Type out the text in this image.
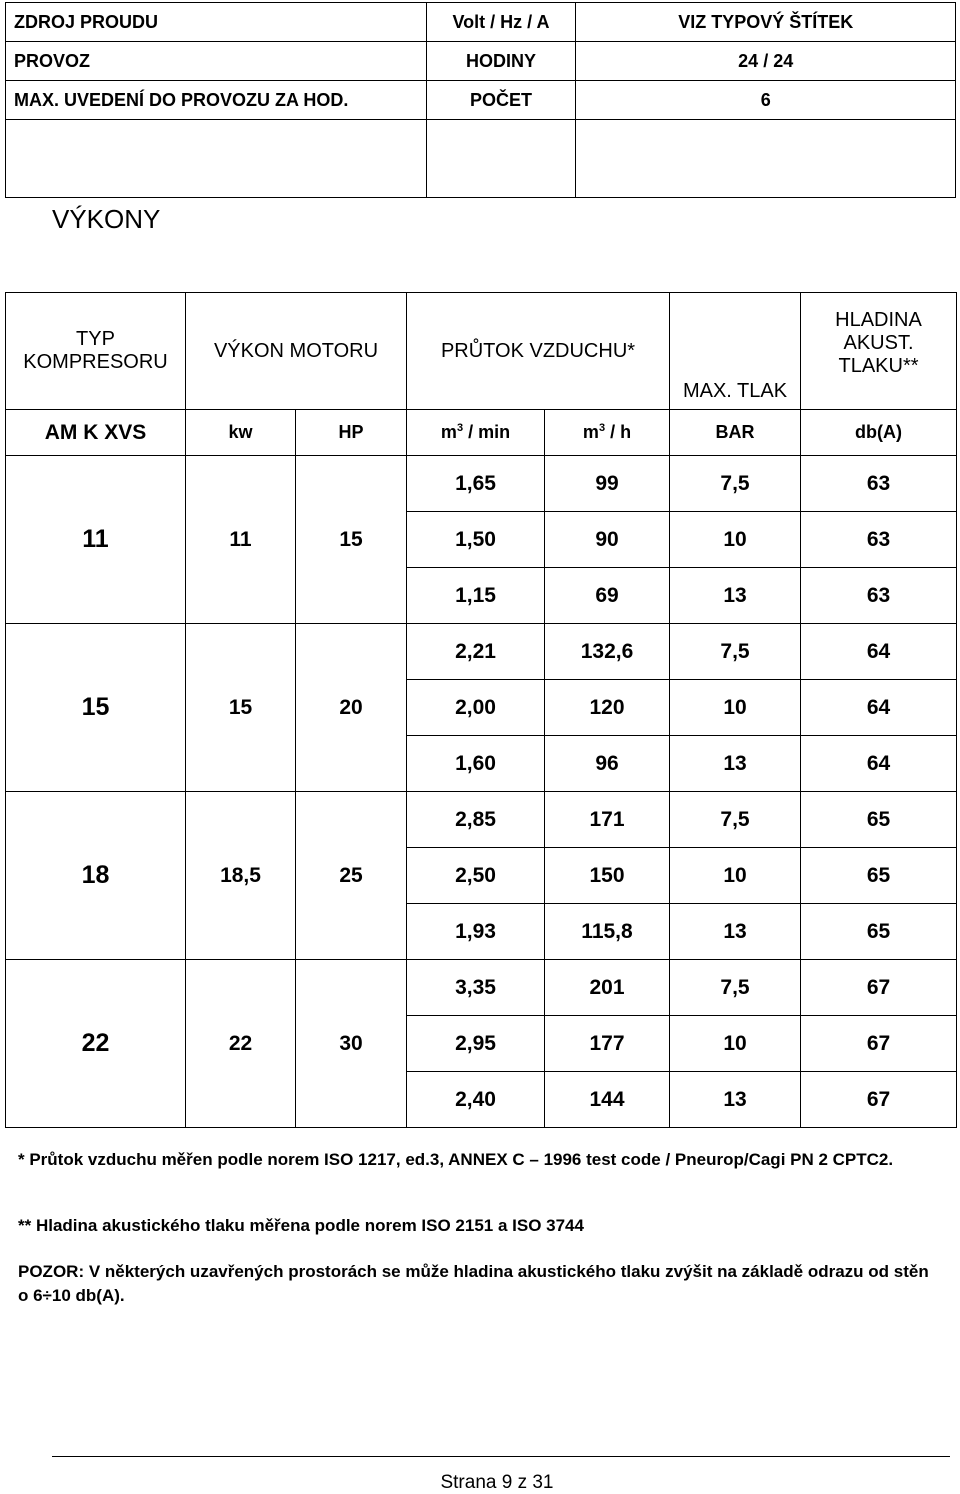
ZDROJ PROUDU	Volt / Hz / A	VIZ TYPOVÝ ŠTÍTEK
PROVOZ	HODINY	24 / 24
MAX. UVEDENÍ DO PROVOZU ZA HOD.	POČET	6

VÝKONY
TYP KOMPRESORU	VÝKON MOTORU		PRŮTOK VZDUCHU*		MAX. TLAK	HLADINA AKUST. TLAKU**
AM K XVS	kw	HP	$m^3$ / min	$m^3$ / h	BAR	db(A)
11	11	15	1,65	99	7,5	63
			1,50	90	10	63
			1,15	69	13	63
15	15	20	2,21	132,6	7,5	64
			2,00	120	10	64
			1,60	96	13	64
18	18,5	25	2,85	171	7,5	65
			2,50	150	10	65
			1,93	115,8	13	65
22	22	30	3,35	201	7,5	67
			2,95	177	10	67
			2,40	144	13	67
* Průtok vzduchu měřen podle norem ISO 1217, ed.3, ANNEX C – 1996 test code / Pneurop/Cagi PN 2 CPTC2.
** Hladina akustického tlaku měřena podle norem ISO 2151 a ISO 3744
POZOR: V některých uzavřených prostorách se může hladina akustického tlaku zvýšit na základě odrazu od stěn o 6÷10 db(A).
Strana 9 z 31
